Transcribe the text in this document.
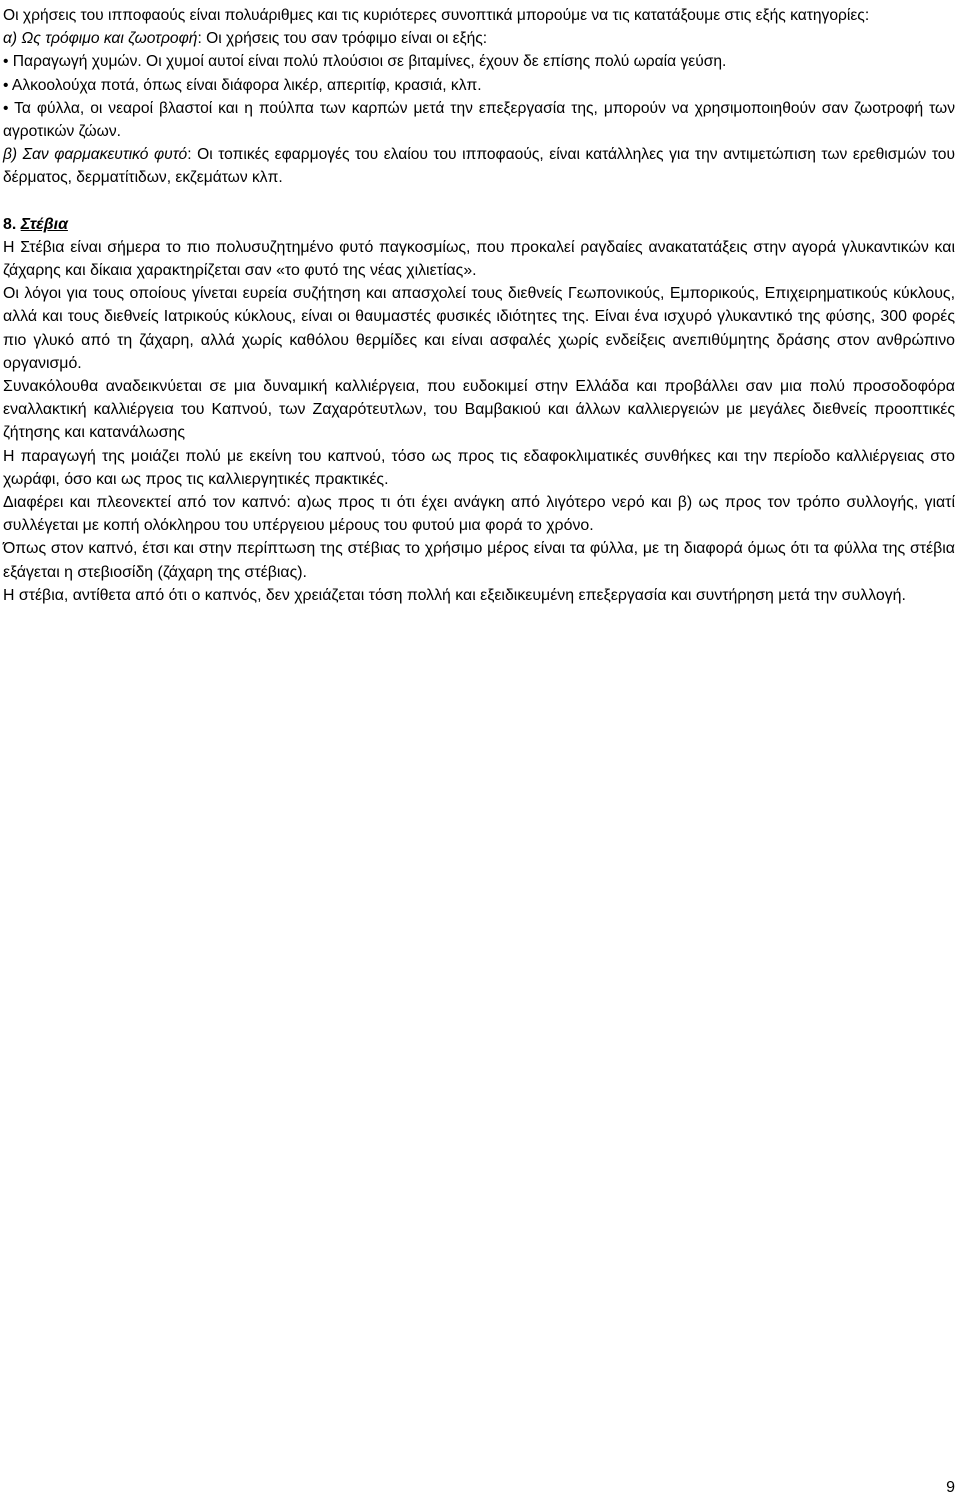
Οι χρήσεις του ιπποφαούς είναι πολυάριθμες και τις κυριότερες συνοπτικά μπορούμε να τις κατατάξουμε στις εξής κατηγορίες:

α) Ως τρόφιμο και ζωοτροφή: Οι χρήσεις του σαν τρόφιμο είναι οι εξής:

• Παραγωγή χυμών. Οι χυμοί αυτοί είναι πολύ πλούσιοι σε βιταμίνες, έχουν δε επίσης πολύ ωραία γεύση.

• Αλκοολούχα ποτά, όπως είναι διάφορα λικέρ, απεριτίφ, κρασιά, κλπ.

• Τα φύλλα, οι νεαροί βλαστοί και η πούλπα των καρπών μετά την επεξεργασία της, μπορούν να χρησιμοποιηθούν σαν ζωοτροφή των αγροτικών ζώων.

β) Σαν φαρμακευτικό φυτό: Οι τοπικές εφαρμογές του ελαίου του ιπποφαούς, είναι κατάλληλες για την αντιμετώπιση των ερεθισμών του δέρματος, δερματίτιδων, εκζεμάτων κλπ.

8. Στέβια

Η Στέβια είναι σήμερα το πιο πολυσυζητημένο φυτό παγκοσμίως, που προκαλεί ραγδαίες ανακατατάξεις στην αγορά γλυκαντικών και ζάχαρης και δίκαια χαρακτηρίζεται σαν «το φυτό της νέας χιλιετίας».

Οι λόγοι για τους οποίους γίνεται ευρεία συζήτηση και απασχολεί τους διεθνείς Γεωπονικούς, Εμπορικούς, Επιχειρηματικούς κύκλους, αλλά και τους διεθνείς Ιατρικούς κύκλους, είναι οι θαυμαστές φυσικές ιδιότητες της. Είναι ένα ισχυρό γλυκαντικό της φύσης, 300 φορές πιο γλυκό από τη ζάχαρη, αλλά χωρίς καθόλου θερμίδες και είναι ασφαλές χωρίς ενδείξεις ανεπιθύμητης δράσης στον ανθρώπινο οργανισμό.

Συνακόλουθα αναδεικνύεται σε μια δυναμική καλλιέργεια, που ευδοκιμεί στην Ελλάδα και προβάλλει σαν μια πολύ προσοδοφόρα εναλλακτική καλλιέργεια του Καπνού, των Ζαχαρότευτλων, του Βαμβακιού και άλλων καλλιεργειών με μεγάλες διεθνείς προοπτικές ζήτησης και κατανάλωσης

Η παραγωγή της μοιάζει πολύ με εκείνη του καπνού, τόσο ως προς τις εδαφοκλιματικές συνθήκες και την περίοδο καλλιέργειας στο χωράφι, όσο και ως προς τις καλλιεργητικές πρακτικές.

Διαφέρει και πλεονεκτεί από τον καπνό: α)ως προς τι ότι έχει ανάγκη από λιγότερο νερό και β) ως προς τον τρόπο συλλογής, γιατί συλλέγεται με κοπή ολόκληρου του υπέργειου μέρους του φυτού μια φορά το χρόνο.

Όπως στον καπνό, έτσι και στην περίπτωση της στέβιας το χρήσιμο μέρος είναι τα φύλλα, με τη διαφορά όμως ότι τα φύλλα της στέβια εξάγεται η στεβιοσίδη (ζάχαρη της στέβιας).

Η στέβια, αντίθετα από ότι ο καπνός, δεν χρειάζεται τόση πολλή και εξειδικευμένη επεξεργασία και συντήρηση μετά την συλλογή.

9
